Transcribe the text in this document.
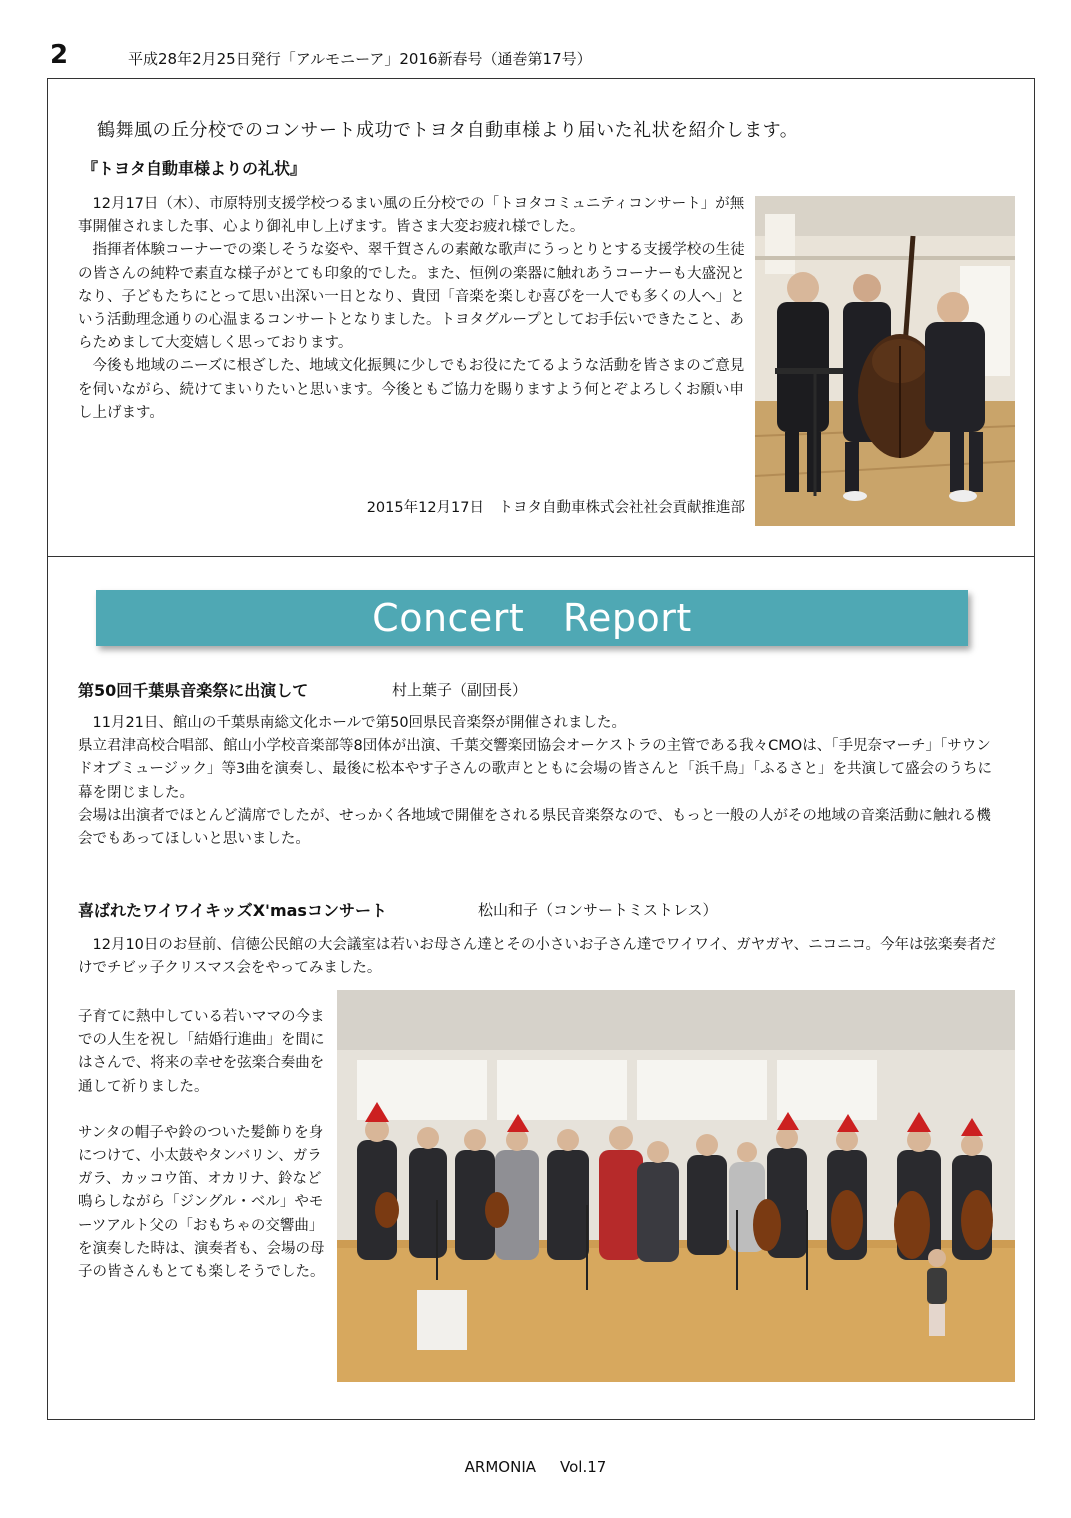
2	平成28年2月25日発行「アルモニーア」2016新春号（通巻第17号）
鶴舞風の丘分校でのコンサート成功でトヨタ自動車様より届いた礼状を紹介します。
『トヨタ自動車様よりの礼状』

12月17日（木）、市原特別支援学校つるまい風の丘分校での「トヨタコミュニティコンサート」が無事開催されました事、心より御礼申し上げます。皆さま大変お疲れ様でした。

指揮者体験コーナーでの楽しそうな姿や、翠千賀さんの素敵な歌声にうっとりとする支援学校の生徒の皆さんの純粋で素直な様子がとても印象的でした。また、恒例の楽器に触れあうコーナーも大盛況となり、子どもたちにとって思い出深い一日となり、貴団「音楽を楽しむ喜びを一人でも多くの人へ」という活動理念通りの心温まるコンサートとなりました。トヨタグループとしてお手伝いできたこと、あらためまして大変嬉しく思っております。

今後も地域のニーズに根ざした、地域文化振興に少しでもお役にたてるような活動を皆さまのご意見を伺いながら、続けてまいりたいと思います。今後ともご協力を賜りますよう何とぞよろしくお願い申し上げます。

2015年12月17日　トヨタ自動車株式会社社会貢献推進部
Concert　Report
第50回千葉県音楽祭に出演して	村上葉子（副団長）

11月21日、館山の千葉県南総文化ホールで第50回県民音楽祭が開催されました。

県立君津高校合唱部、館山小学校音楽部等8団体が出演、千葉交響楽団協会オーケストラの主管である我々CMOは、「手児奈マーチ」「サウンドオブミュージック」等3曲を演奏し、最後に松本やす子さんの歌声とともに会場の皆さんと「浜千鳥」「ふるさと」を共演して盛会のうちに幕を閉じました。

会場は出演者でほとんど満席でしたが、せっかく各地域で開催をされる県民音楽祭なので、もっと一般の人がその地域の音楽活動に触れる機会でもあってほしいと思いました。

喜ばれたワイワイキッズX'masコンサート	松山和子（コンサートミストレス）

12月10日のお昼前、信徳公民館の大会議室は若いお母さん達とその小さいお子さん達でワイワイ、ガヤガヤ、ニコニコ。今年は弦楽奏者だけでチビッ子クリスマス会をやってみました。

子育てに熱中している若いママの今までの人生を祝し「結婚行進曲」を間にはさんで、将来の幸せを弦楽合奏曲を通して祈りました。

サンタの帽子や鈴のついた髪飾りを身につけて、小太鼓やタンバリン、ガラガラ、カッコウ笛、オカリナ、鈴など鳴らしながら「ジングル・ベル」やモーツアルト父の「おもちゃの交響曲」を演奏した時は、演奏者も、会場の母子の皆さんもとても楽しそうでした。

ARMONIA Vol.17
